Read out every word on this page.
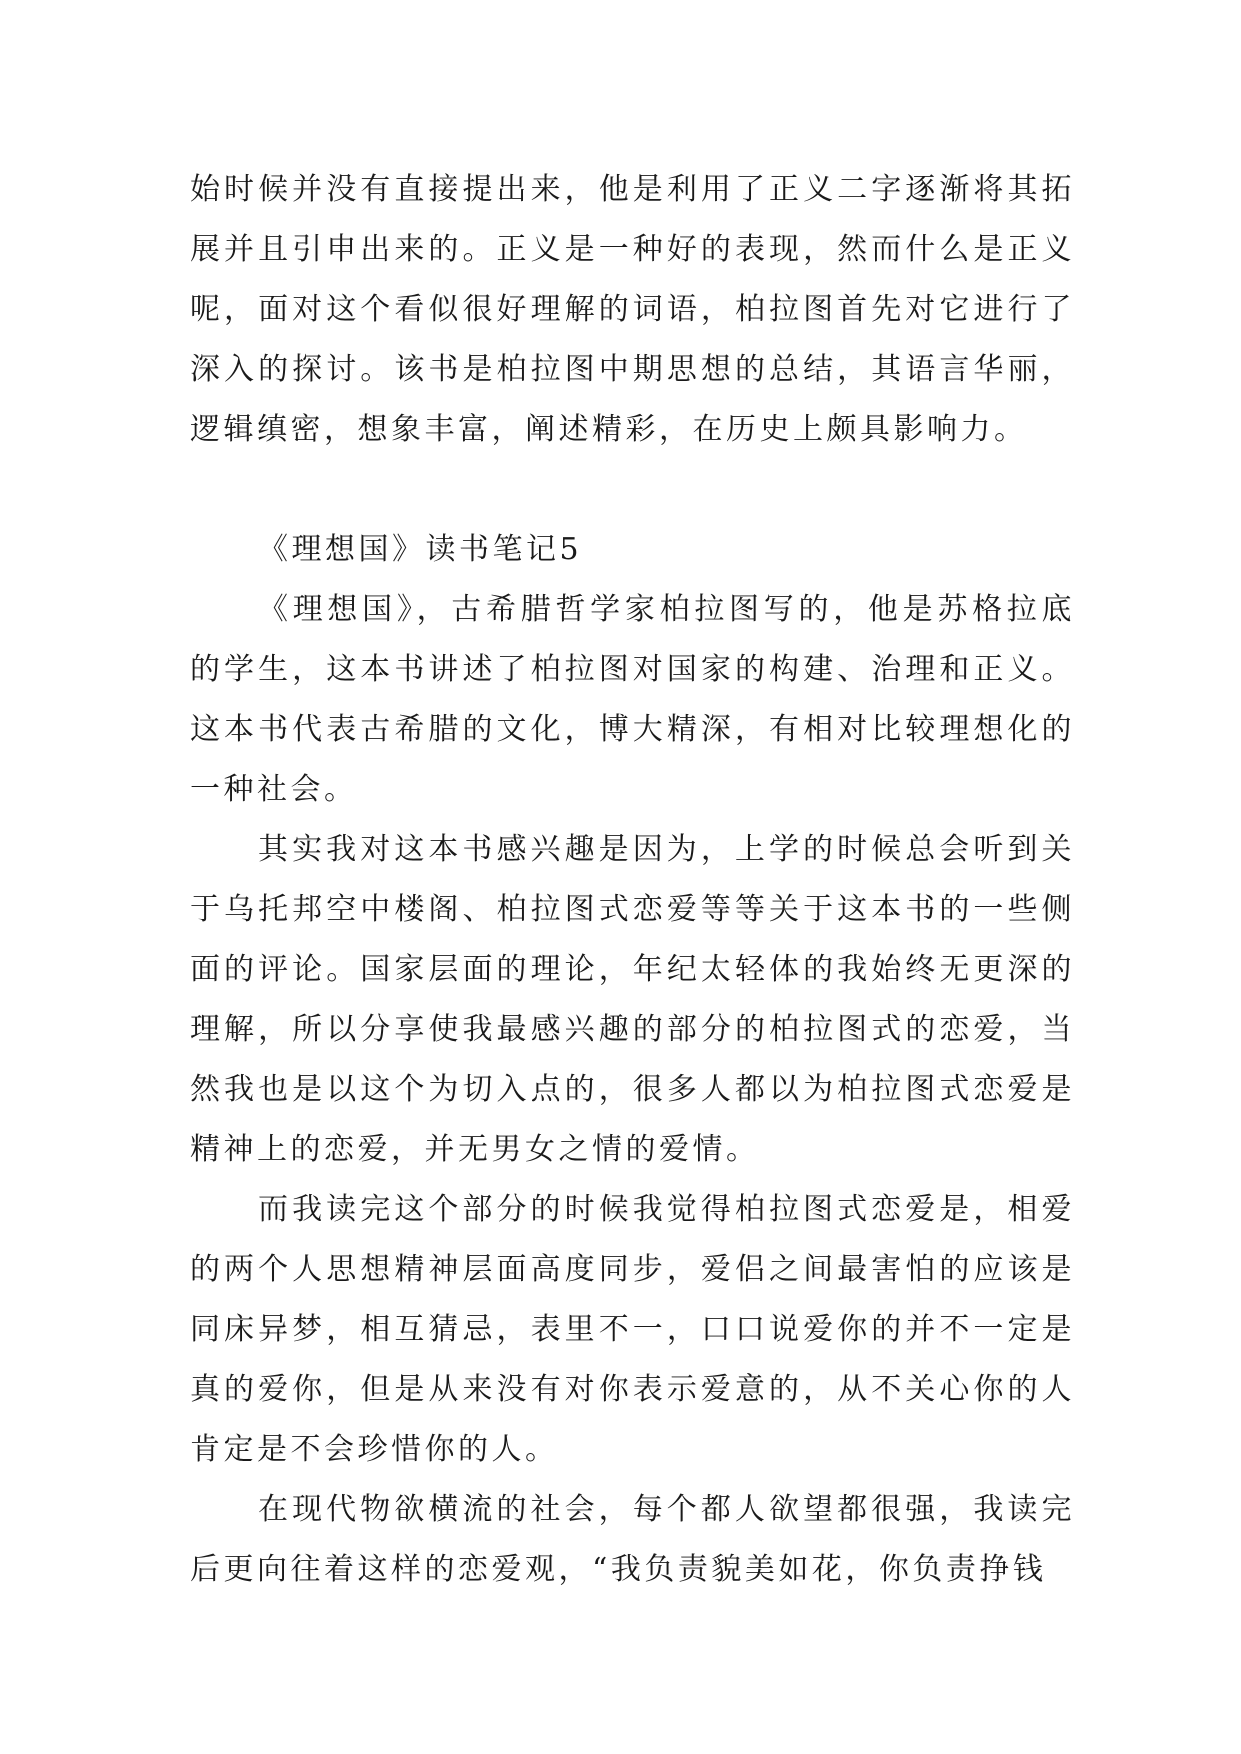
始时候并没有直接提出来，他是利用了正义二字逐渐将其拓展并且引申出来的。正义是一种好的表现，然而什么是正义呢，面对这个看似很好理解的词语，柏拉图首先对它进行了深入的探讨。该书是柏拉图中期思想的总结，其语言华丽，逻辑缜密，想象丰富，阐述精彩，在历史上颇具影响力。

《理想国》读书笔记5

《理想国》，古希腊哲学家柏拉图写的，他是苏格拉底的学生，这本书讲述了柏拉图对国家的构建、治理和正义。这本书代表古希腊的文化，博大精深，有相对比较理想化的一种社会。

其实我对这本书感兴趣是因为，上学的时候总会听到关于乌托邦空中楼阁、柏拉图式恋爱等等关于这本书的一些侧面的评论。国家层面的理论，年纪太轻体的我始终无更深的理解，所以分享使我最感兴趣的部分的柏拉图式的恋爱，当然我也是以这个为切入点的，很多人都以为柏拉图式恋爱是精神上的恋爱，并无男女之情的爱情。

而我读完这个部分的时候我觉得柏拉图式恋爱是，相爱的两个人思想精神层面高度同步，爱侣之间最害怕的应该是同床异梦，相互猜忌，表里不一，口口说爱你的并不一定是真的爱你，但是从来没有对你表示爱意的，从不关心你的人肯定是不会珍惜你的人。

在现代物欲横流的社会，每个都人欲望都很强，我读完后更向往着这样的恋爱观，“我负责貌美如花，你负责挣钱
